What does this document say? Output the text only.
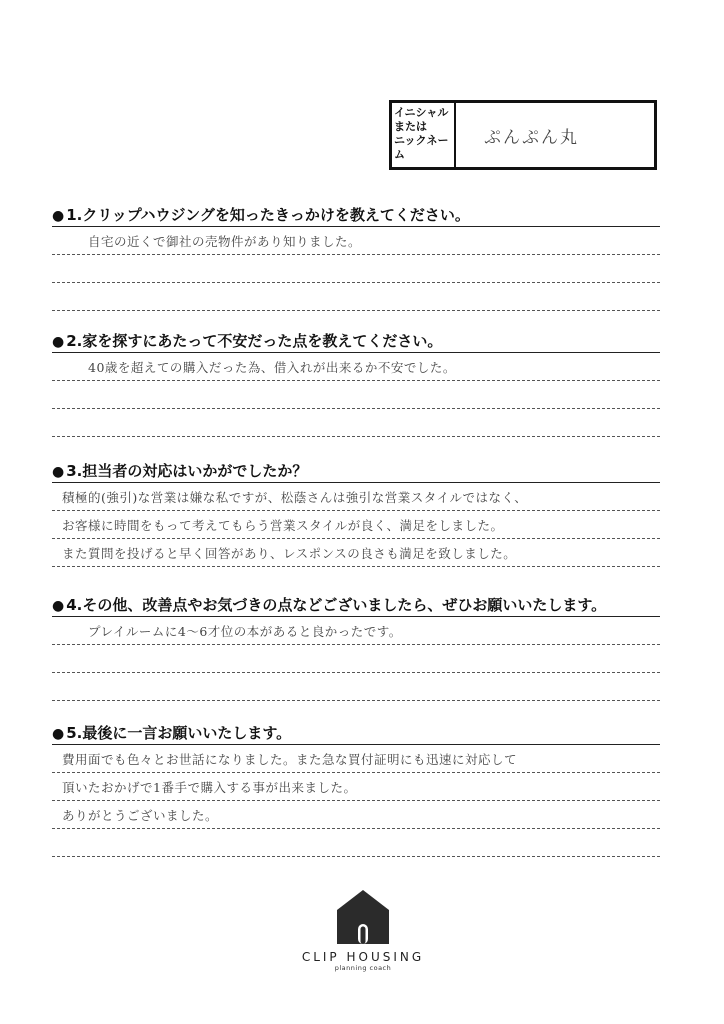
イニシャル
または
ニックネーム
ぷんぷん丸
● 1.クリップハウジングを知ったきっかけを教えてください。
自宅の近くで御社の売物件があり知りました。
● 2.家を探すにあたって不安だった点を教えてください。
40歳を超えての購入だった為、借入れが出来るか不安でした。
● 3.担当者の対応はいかがでしたか？
積極的(強引)な営業は嫌な私ですが、松蔭さんは強引な営業スタイルではなく、
お客様に時間をもって考えてもらう営業スタイルが良く、満足をしました。
また質問を投げると早く回答があり、レスポンスの良さも満足を致しました。
● 4.その他、改善点やお気づきの点などございましたら、ぜひお願いいたします。
プレイルームに4〜6才位の本があると良かったです。
● 5.最後に一言お願いいたします。
費用面でも色々とお世話になりました。また急な買付証明にも迅速に対応して
頂いたおかげで1番手で購入する事が出来ました。
ありがとうございました。
CLIP HOUSING
planning coach
